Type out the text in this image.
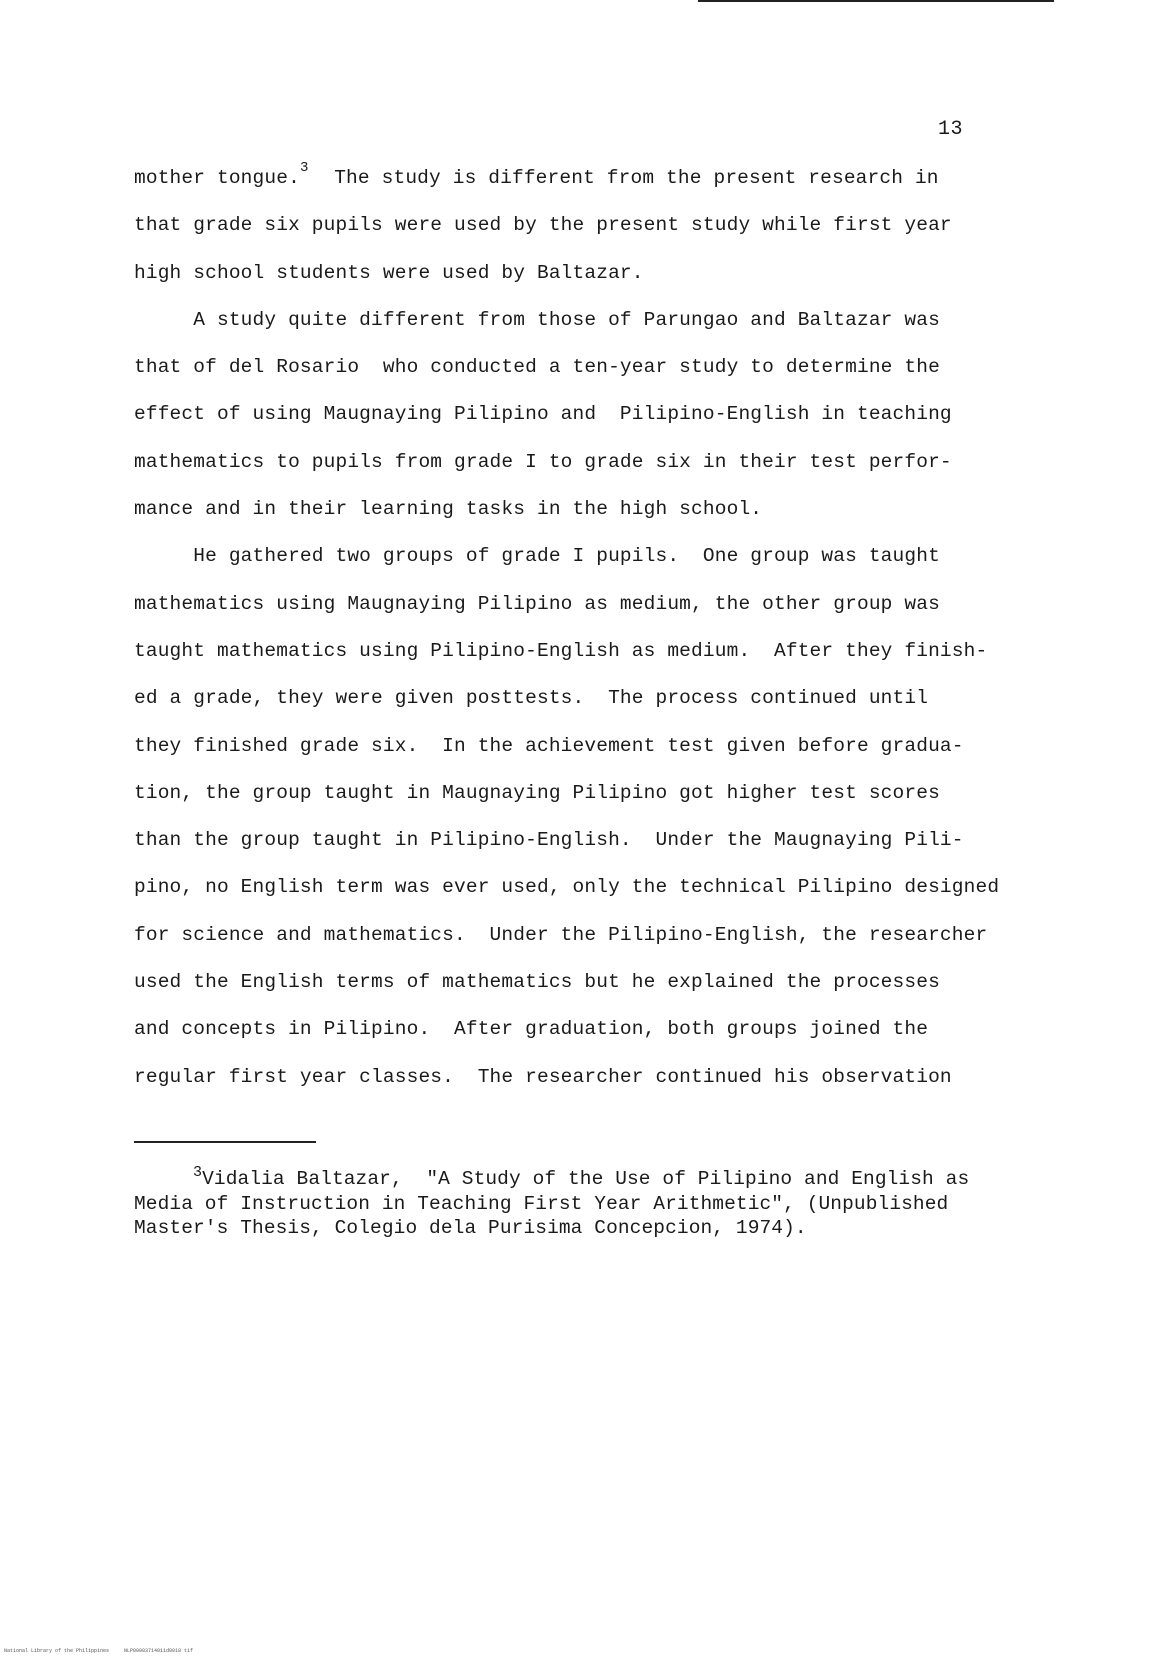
13
mother tongue.$^3$  The study is different from the present research in
that grade six pupils were used by the present study while first year
high school students were used by Baltazar.
A study quite different from those of Parungao and Baltazar was
that of del Rosario  who conducted a ten-year study to determine the
effect of using Maugnaying Pilipino and  Pilipino-English in teaching
mathematics to pupils from grade I to grade six in their test perfor-
mance and in their learning tasks in the high school.
He gathered two groups of grade I pupils.  One group was taught
mathematics using Maugnaying Pilipino as medium, the other group was
taught mathematics using Pilipino-English as medium.  After they finish-
ed a grade, they were given posttests.  The process continued until
they finished grade six.  In the achievement test given before gradua-
tion, the group taught in Maugnaying Pilipino got higher test scores
than the group taught in Pilipino-English.  Under the Maugnaying Pili-
pino, no English term was ever used, only the technical Pilipino designed
for science and mathematics.  Under the Pilipino-English, the researcher
used the English terms of mathematics but he explained the processes
and concepts in Pilipino.  After graduation, both groups joined the
regular first year classes.  The researcher continued his observation
$^3$Vidalia Baltazar,  "A Study of the Use of Pilipino and English as
Media of Instruction in Teaching First Year Arithmetic", (Unpublished
Master's Thesis, Colegio dela Purisima Concepcion, 1974).
National Library of the Philippines     NLP00003714011d0018 tif
